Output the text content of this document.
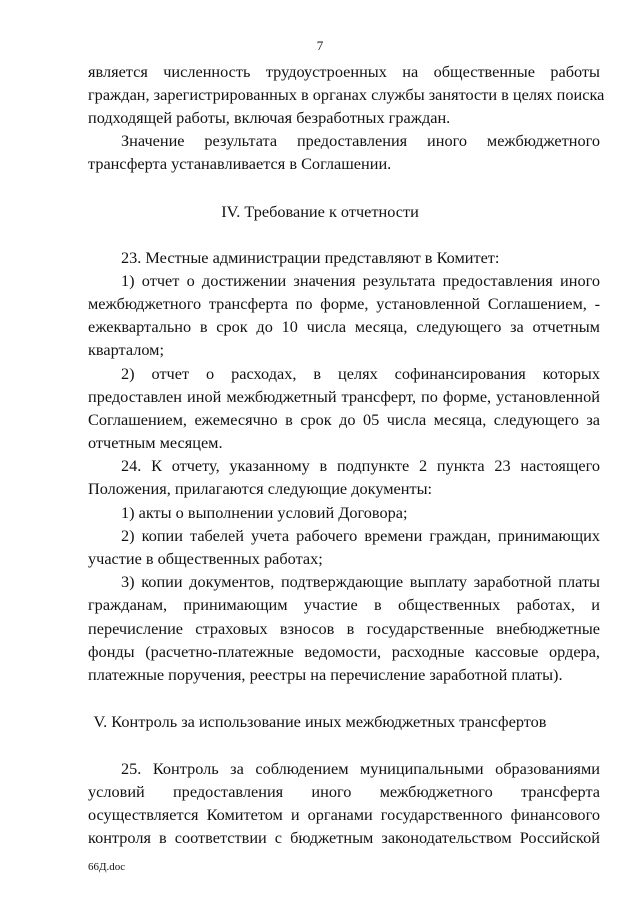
7
является численность трудоустроенных на общественные работы
граждан, зарегистрированных в органах службы занятости в целях поиска
подходящей работы, включая безработных граждан.
Значение результата предоставления иного межбюджетного
трансферта устанавливается в Соглашении.
IV. Требование к отчетности
23. Местные администрации представляют в Комитет:
1) отчет о достижении значения результата предоставления иного
межбюджетного трансферта по форме, установленной Соглашением, -
ежеквартально в срок до 10 числа месяца, следующего за отчетным
кварталом;
2) отчет о расходах, в целях софинансирования которых
предоставлен иной межбюджетный трансферт, по форме, установленной
Соглашением, ежемесячно в срок до 05 числа месяца, следующего за
отчетным месяцем.
24. К отчету, указанному в подпункте 2 пункта 23 настоящего
Положения, прилагаются следующие документы:
1) акты о выполнении условий Договора;
2) копии табелей учета рабочего времени граждан, принимающих
участие в общественных работах;
3) копии документов, подтверждающие выплату заработной платы
гражданам, принимающим участие в общественных работах, и
перечисление страховых взносов в государственные внебюджетные
фонды (расчетно-платежные ведомости, расходные кассовые ордера,
платежные поручения, реестры на перечисление заработной платы).
V. Контроль за использование иных межбюджетных трансфертов
25. Контроль за соблюдением муниципальными образованиями
условий предоставления иного межбюджетного трансферта
осуществляется Комитетом и органами государственного финансового
контроля в соответствии с бюджетным законодательством Российской
66Д.doc
